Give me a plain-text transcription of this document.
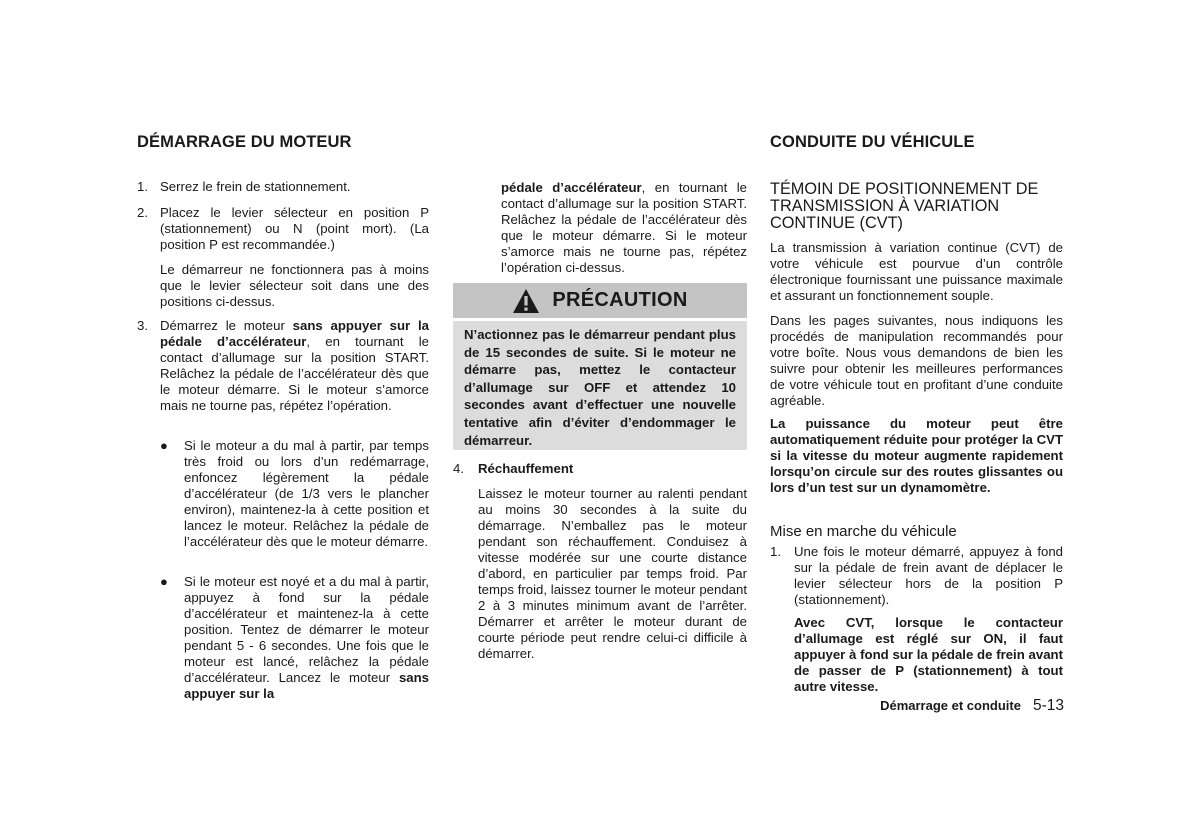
DÉMARRAGE DU MOTEUR
1. Serrez le frein de stationnement.

2. Placez le levier sélecteur en position P (stationnement) ou N (point mort). (La position P est recommandée.)

Le démarreur ne fonctionnera pas à moins que le levier sélecteur soit dans une des positions ci-dessus.

3. Démarrez le moteur sans appuyer sur la pédale d’accélérateur, en tournant le contact d’allumage sur la position START. Relâchez la pédale de l’accélérateur dès que le moteur démarre. Si le moteur s’amorce mais ne tourne pas, répétez l’opération.

● Si le moteur a du mal à partir, par temps très froid ou lors d’un redémarrage, enfoncez légèrement la pédale d’accélérateur (de 1/3 vers le plancher environ), maintenez-la à cette position et lancez le moteur. Relâchez la pédale de l’accélérateur dès que le moteur démarre.

● Si le moteur est noyé et a du mal à partir, appuyez à fond sur la pédale d’accélérateur et maintenez-la à cette position. Tentez de démarrer le moteur pendant 5 - 6 secondes. Une fois que le moteur est lancé, relâchez la pédale d’accélérateur. Lancez le moteur sans appuyer sur la

pédale d’accélérateur, en tournant le contact d’allumage sur la position START. Relâchez la pédale de l’accélérateur dès que le moteur démarre. Si le moteur s’amorce mais ne tourne pas, répétez l’opération ci-dessus.

PRÉCAUTION
N’actionnez pas le démarreur pendant plus de 15 secondes de suite. Si le moteur ne démarre pas, mettez le contacteur d’allumage sur OFF et attendez 10 secondes avant d’effectuer une nouvelle tentative afin d’éviter d’endommager le démarreur.
4. Réchauffement

Laissez le moteur tourner au ralenti pendant au moins 30 secondes à la suite du démarrage. N’emballez pas le moteur pendant son réchauffement. Conduisez à vitesse modérée sur une courte distance d’abord, en particulier par temps froid. Par temps froid, laissez tourner le moteur pendant 2 à 3 minutes minimum avant de l’arrêter. Démarrer et arrêter le moteur durant de courte période peut rendre celui-ci difficile à démarrer.

CONDUITE DU VÉHICULE
TÉMOIN DE POSITIONNEMENT DE TRANSMISSION À VARIATION CONTINUE (CVT)

La transmission à variation continue (CVT) de votre véhicule est pourvue d’un contrôle électronique fournissant une puissance maximale et assurant un fonctionnement souple.

Dans les pages suivantes, nous indiquons les procédés de manipulation recommandés pour votre boîte. Nous vous demandons de bien les suivre pour obtenir les meilleures performances de votre véhicule tout en profitant d’une conduite agréable.

La puissance du moteur peut être automatiquement réduite pour protéger la CVT si la vitesse du moteur augmente rapidement lorsqu’on circule sur des routes glissantes ou lors d’un test sur un dynamomètre.

Mise en marche du véhicule
1. Une fois le moteur démarré, appuyez à fond sur la pédale de frein avant de déplacer le levier sélecteur hors de la position P (stationnement).

Avec CVT, lorsque le contacteur d’allumage est réglé sur ON, il faut appuyer à fond sur la pédale de frein avant de passer de P (stationnement) à tout autre vitesse.

Démarrage et conduite 5-13
